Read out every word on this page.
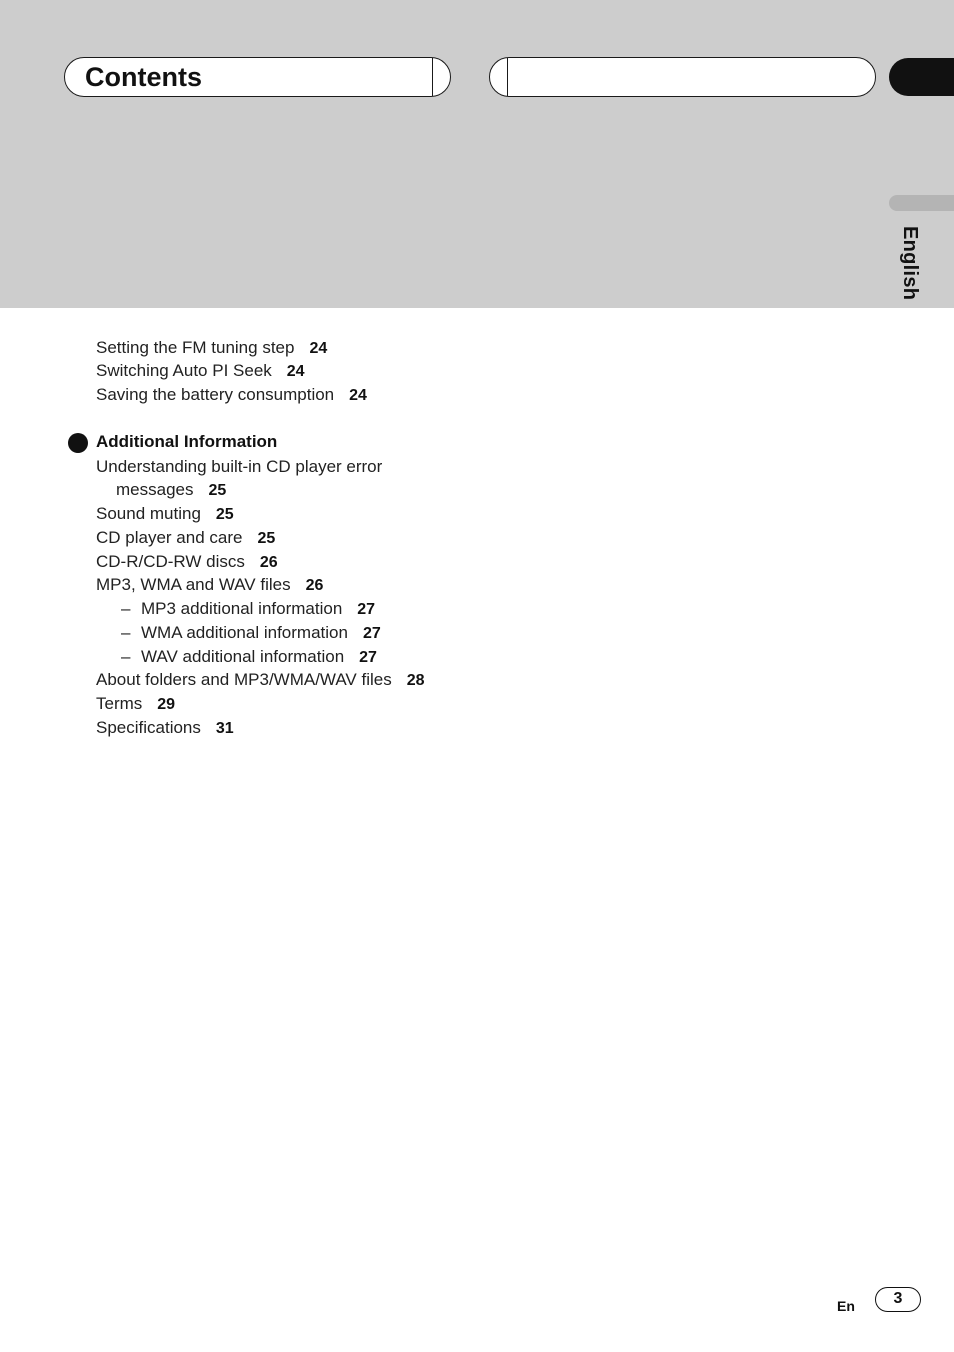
Contents
English
Setting the FM tuning step 24
Switching Auto PI Seek 24
Saving the battery consumption 24
Additional Information
Understanding built-in CD player error
messages 25
Sound muting 25
CD player and care 25
CD-R/CD-RW discs 26
MP3, WMA and WAV files 26
– MP3 additional information 27
– WMA additional information 27
– WAV additional information 27
About folders and MP3/WMA/WAV files 28
Terms 29
Specifications 31
En	3
